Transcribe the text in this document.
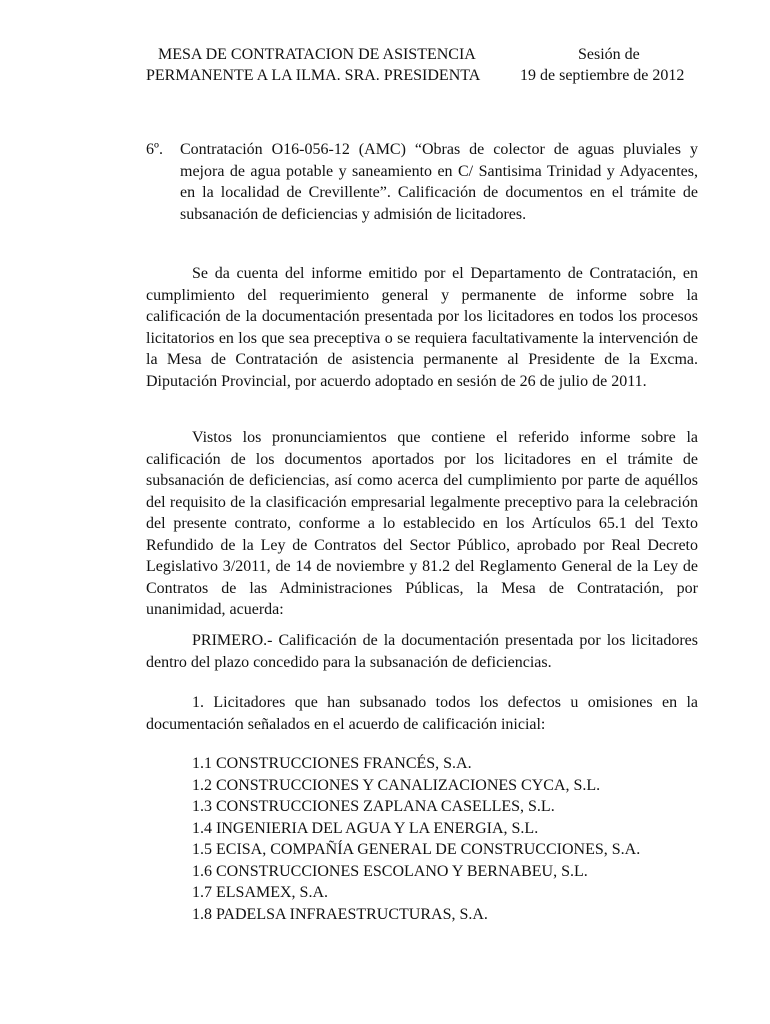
MESA DE CONTRATACION DE ASISTENCIA
PERMANENTE A LA ILMA. SRA. PRESIDENTA
Sesión de
19 de septiembre de 2012
6º. Contratación O16-056-12 (AMC) “Obras de colector de aguas pluviales y mejora de agua potable y saneamiento en C/ Santisima Trinidad y Adyacentes, en la localidad de Crevillente”. Calificación de documentos en el trámite de subsanación de deficiencias y admisión de licitadores.

Se da cuenta del informe emitido por el Departamento de Contratación, en cumplimiento del requerimiento general y permanente de informe sobre la calificación de la documentación presentada por los licitadores en todos los procesos licitatorios en los que sea preceptiva o se requiera facultativamente la intervención de la Mesa de Contratación de asistencia permanente al Presidente de la Excma. Diputación Provincial, por acuerdo adoptado en sesión de 26 de julio de 2011.

Vistos los pronunciamientos que contiene el referido informe sobre la calificación de los documentos aportados por los licitadores en el trámite de subsanación de deficiencias, así como acerca del cumplimiento por parte de aquéllos del requisito de la clasificación empresarial legalmente preceptivo para la celebración del presente contrato, conforme a lo establecido en los Artículos 65.1 del Texto Refundido de la Ley de Contratos del Sector Público, aprobado por Real Decreto Legislativo 3/2011, de 14 de noviembre y 81.2 del Reglamento General de la Ley de Contratos de las Administraciones Públicas, la Mesa de Contratación, por unanimidad, acuerda:

PRIMERO.- Calificación de la documentación presentada por los licitadores dentro del plazo concedido para la subsanación de deficiencias.

1. Licitadores que han subsanado todos los defectos u omisiones en la documentación señalados en el acuerdo de calificación inicial:

1.1 CONSTRUCCIONES FRANCÉS, S.A.
1.2 CONSTRUCCIONES Y CANALIZACIONES CYCA, S.L.
1.3 CONSTRUCCIONES ZAPLANA CASELLES, S.L.
1.4 INGENIERIA DEL AGUA Y LA ENERGIA, S.L.
1.5 ECISA, COMPAÑÍA GENERAL DE CONSTRUCCIONES, S.A.
1.6 CONSTRUCCIONES ESCOLANO Y BERNABEU, S.L.
1.7 ELSAMEX, S.A.
1.8 PADELSA INFRAESTRUCTURAS, S.A.
